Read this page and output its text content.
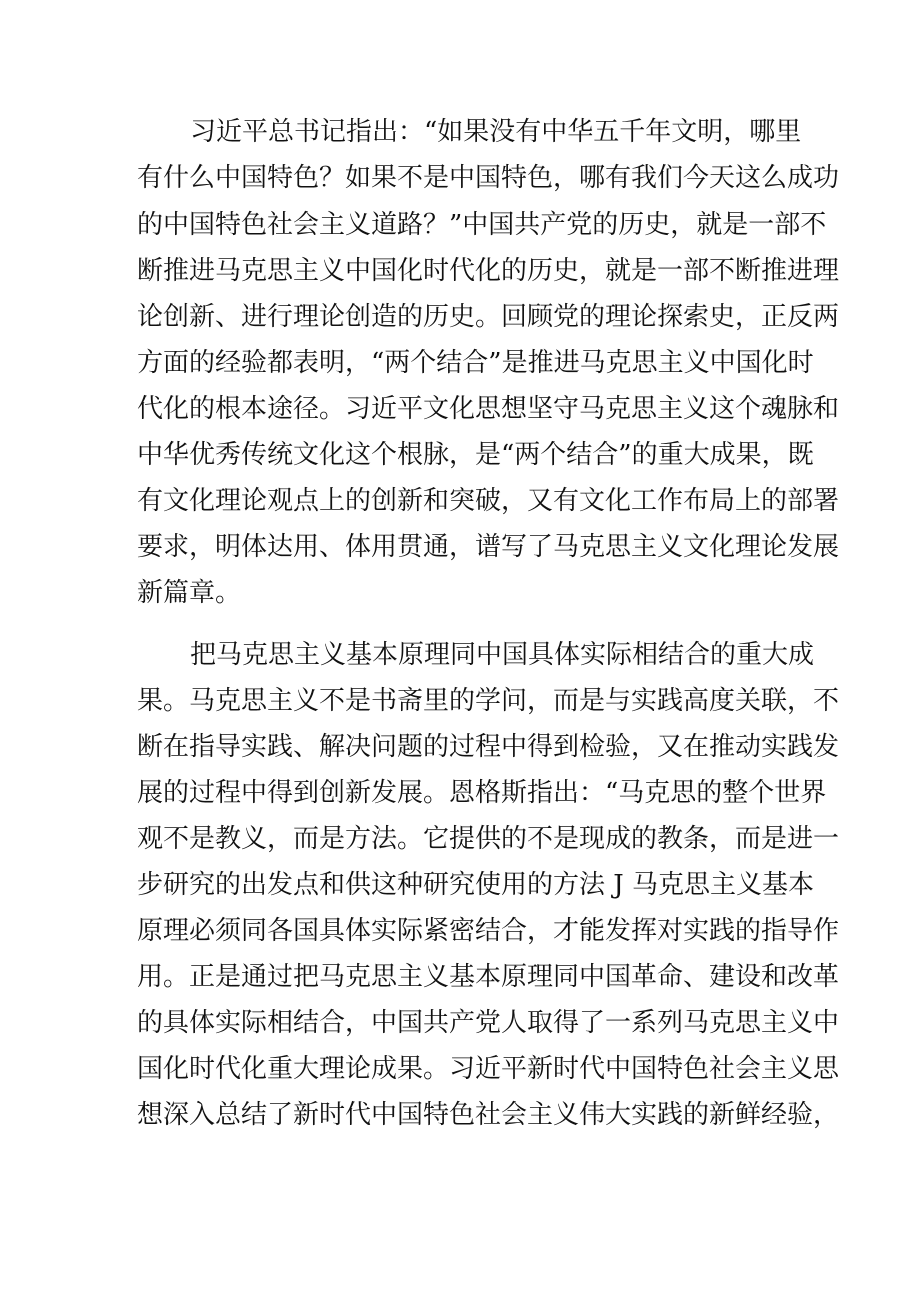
习近平总书记指出：“如果没有中华五千年文明，哪里
有什么中国特色？如果不是中国特色，哪有我们今天这么成功
的中国特色社会主义道路？”中国共产党的历史，就是一部不
断推进马克思主义中国化时代化的历史，就是一部不断推进理
论创新、进行理论创造的历史。回顾党的理论探索史，正反两
方面的经验都表明，“两个结合”是推进马克思主义中国化时
代化的根本途径。习近平文化思想坚守马克思主义这个魂脉和
中华优秀传统文化这个根脉，是“两个结合”的重大成果，既
有文化理论观点上的创新和突破，又有文化工作布局上的部署
要求，明体达用、体用贯通，谱写了马克思主义文化理论发展
新篇章。
把马克思主义基本原理同中国具体实际相结合的重大成
果。马克思主义不是书斋里的学问，而是与实践高度关联，不
断在指导实践、解决问题的过程中得到检验，又在推动实践发
展的过程中得到创新发展。恩格斯指出：“马克思的整个世界
观不是教义，而是方法。它提供的不是现成的教条，而是进一
步研究的出发点和供这种研究使用的方法 J 马克思主义基本
原理必须同各国具体实际紧密结合，才能发挥对实践的指导作
用。正是通过把马克思主义基本原理同中国革命、建设和改革
的具体实际相结合，中国共产党人取得了一系列马克思主义中
国化时代化重大理论成果。习近平新时代中国特色社会主义思
想深入总结了新时代中国特色社会主义伟大实践的新鲜经验，
